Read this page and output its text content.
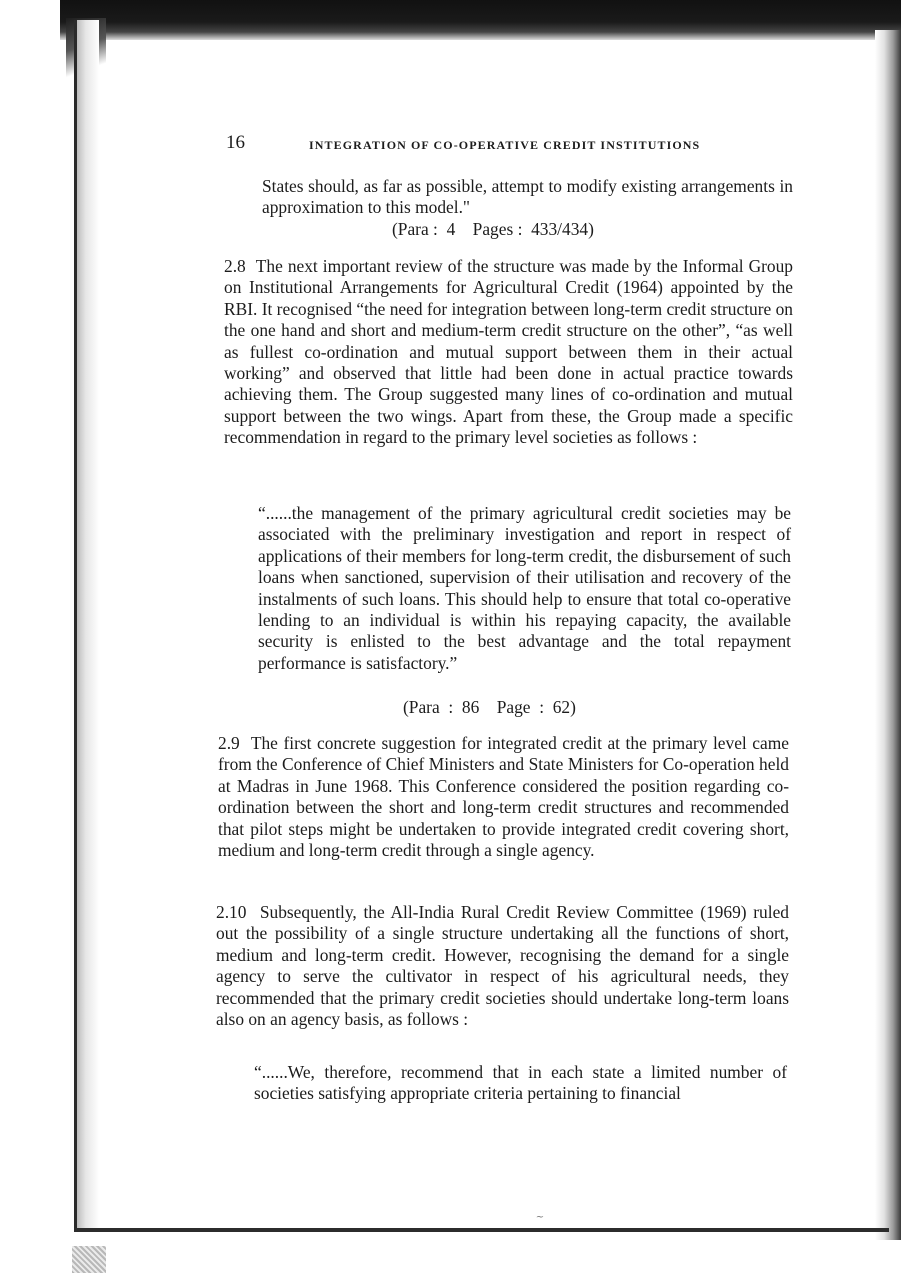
16	INTEGRATION OF CO-OPERATIVE CREDIT INSTITUTIONS
States should, as far as possible, attempt to modify existing arrangements in approximation to this model."
(Para :  4    Pages :  433/434)
2.8 The next important review of the structure was made by the Informal Group on Institutional Arrangements for Agricultural Credit (1964) appointed by the RBI. It recognised “the need for integration between long-term credit structure on the one hand and short and medium-term credit structure on the other”, “as well as fullest co-ordination and mutual support between them in their actual working” and observed that little had been done in actual practice towards achieving them. The Group suggested many lines of co-ordination and mutual support between the two wings. Apart from these, the Group made a specific recommendation in regard to the primary level societies as follows :
“......the management of the primary agricultural credit societies may be associated with the preliminary investigation and report in respect of applications of their members for long-term credit, the disbursement of such loans when sanctioned, supervision of their utilisation and recovery of the instalments of such loans. This should help to ensure that total co-operative lending to an individual is within his repaying capacity, the available security is enlisted to the best advantage and the total repayment performance is satisfactory.”
(Para  :  86    Page  :  62)
2.9 The first concrete suggestion for integrated credit at the primary level came from the Conference of Chief Ministers and State Ministers for Co-operation held at Madras in June 1968. This Conference considered the position regarding co-ordination between the short and long-term credit structures and recommended that pilot steps might be undertaken to provide integrated credit covering short, medium and long-term credit through a single agency.
2.10 Subsequently, the All-India Rural Credit Review Committee (1969) ruled out the possibility of a single structure undertaking all the functions of short, medium and long-term credit. However, recognising the demand for a single agency to serve the cultivator in respect of his agricultural needs, they recommended that the primary credit societies should undertake long-term loans also on an agency basis, as follows :
“......We, therefore, recommend that in each state a limited number of societies satisfying appropriate criteria pertaining to financial
~
